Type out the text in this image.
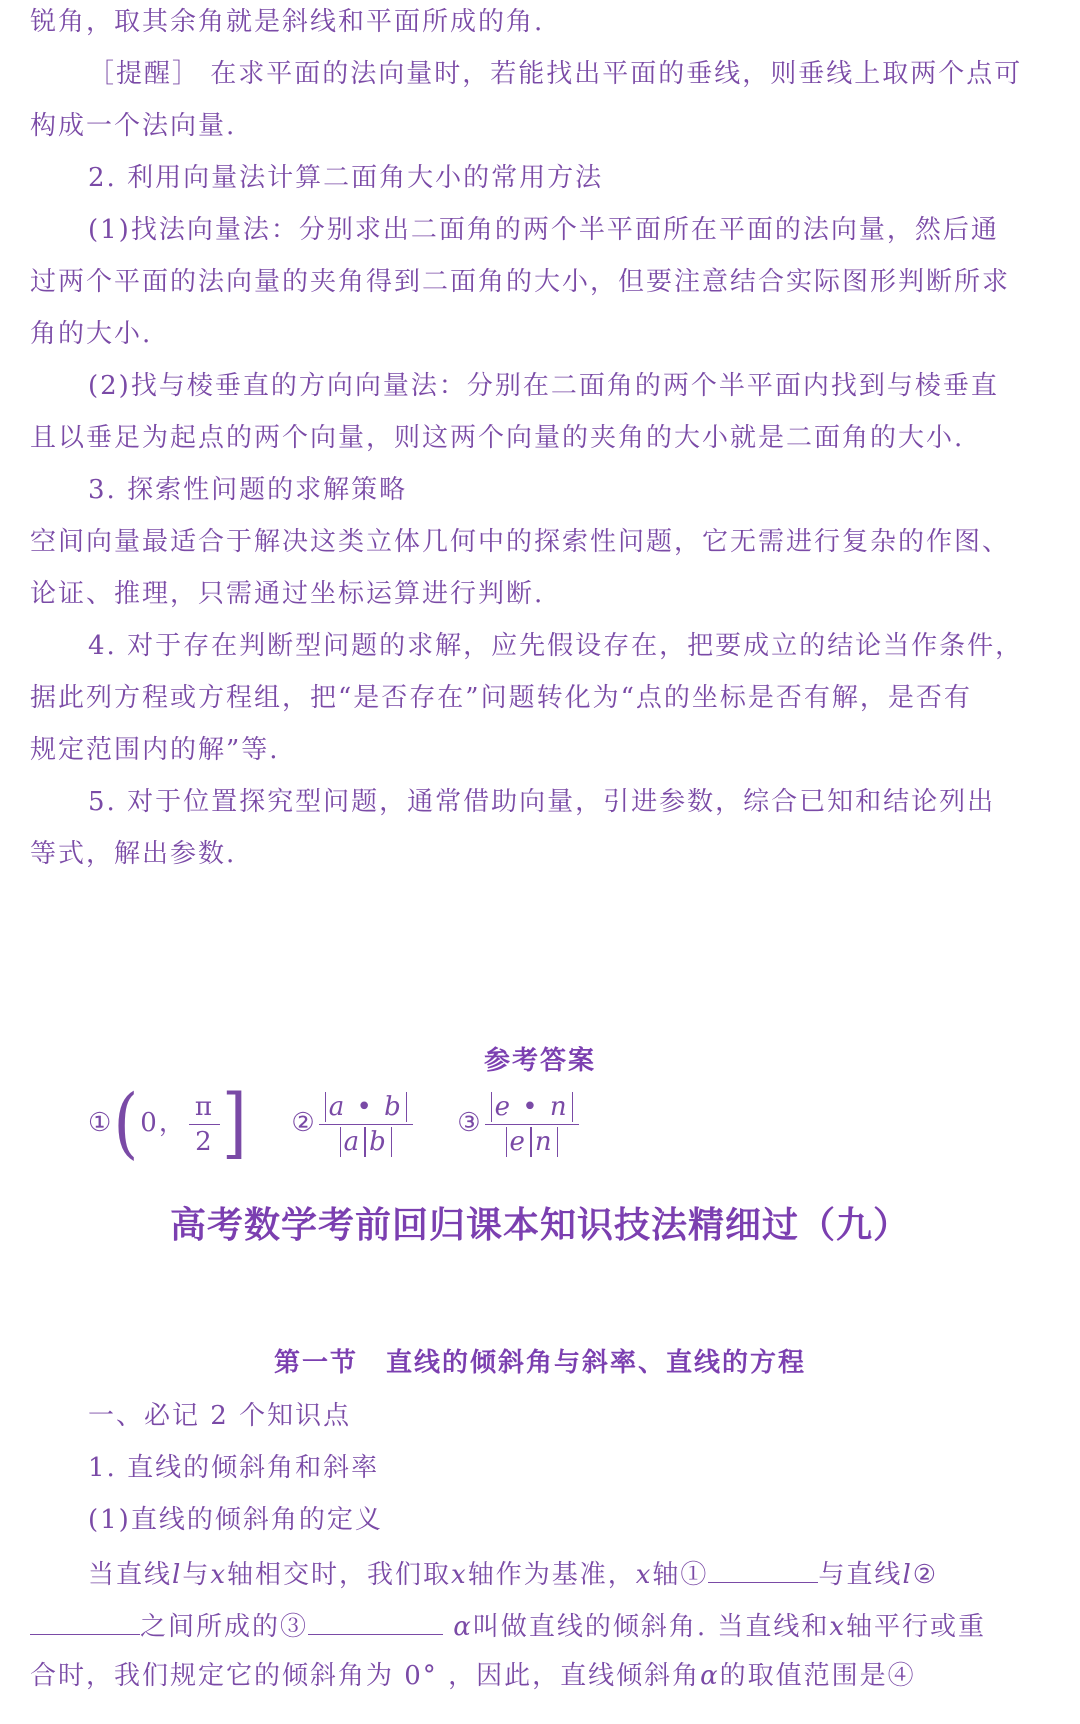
锐角，取其余角就是斜线和平面所成的角.
［提醒］ 在求平面的法向量时，若能找出平面的垂线，则垂线上取两个点可
构成一个法向量.
2. 利用向量法计算二面角大小的常用方法
(1)找法向量法：分别求出二面角的两个半平面所在平面的法向量，然后通
过两个平面的法向量的夹角得到二面角的大小，但要注意结合实际图形判断所求
角的大小.
(2)找与棱垂直的方向向量法：分别在二面角的两个半平面内找到与棱垂直
且以垂足为起点的两个向量，则这两个向量的夹角的大小就是二面角的大小.
3. 探索性问题的求解策略
空间向量最适合于解决这类立体几何中的探索性问题，它无需进行复杂的作图、
论证、推理，只需通过坐标运算进行判断.
4. 对于存在判断型问题的求解，应先假设存在，把要成立的结论当作条件，
据此列方程或方程组，把“是否存在”问题转化为“点的坐标是否有解，是否有
规定范围内的解”等.
5. 对于位置探究型问题，通常借助向量，引进参数，综合已知和结论列出
等式，解出参数.
参考答案
①(0， $\frac{\pi}{2}$ ] ② $\frac{a • b}{\text{a b}}$ ③ $\frac{e • n}{\text{e n}}$
高考数学考前回归课本知识技法精细过（九）
第一节　直线的倾斜角与斜率、直线的方程
一、必记 2 个知识点
1. 直线的倾斜角和斜率
(1)直线的倾斜角的定义
当直线l与x轴相交时，我们取x轴作为基准，x轴①	与直线l②
之间所成的③	α叫做直线的倾斜角. 当直线和x轴平行或重
合时，我们规定它的倾斜角为 0° ，因此，直线倾斜角α的取值范围是④
